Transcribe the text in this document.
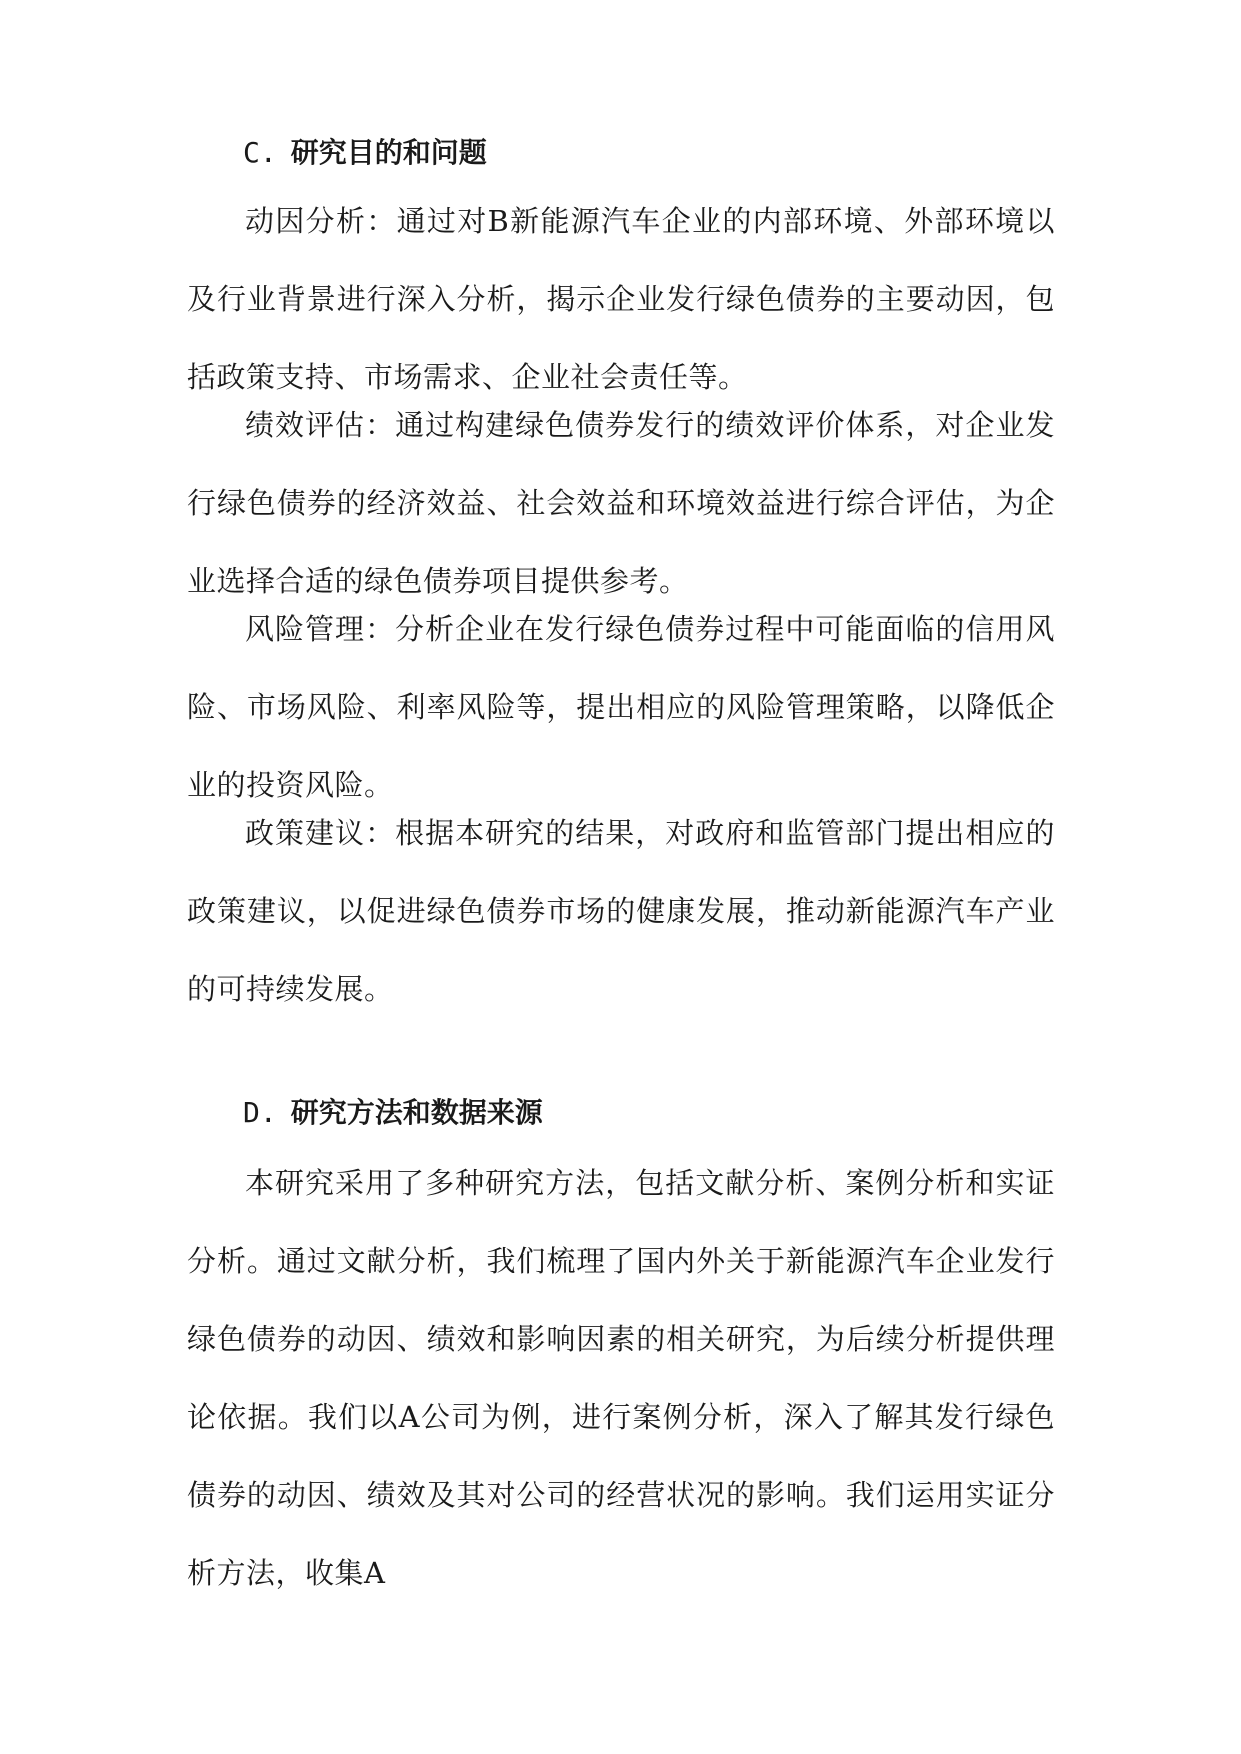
C. 研究目的和问题

动因分析：通过对B新能源汽车企业的内部环境、外部环境以及行业背景进行深入分析，揭示企业发行绿色债券的主要动因，包括政策支持、市场需求、企业社会责任等。

绩效评估：通过构建绿色债券发行的绩效评价体系，对企业发行绿色债券的经济效益、社会效益和环境效益进行综合评估，为企业选择合适的绿色债券项目提供参考。

风险管理：分析企业在发行绿色债券过程中可能面临的信用风险、市场风险、利率风险等，提出相应的风险管理策略，以降低企业的投资风险。

政策建议：根据本研究的结果，对政府和监管部门提出相应的政策建议，以促进绿色债券市场的健康发展，推动新能源汽车产业的可持续发展。

D. 研究方法和数据来源

本研究采用了多种研究方法，包括文献分析、案例分析和实证分析。通过文献分析，我们梳理了国内外关于新能源汽车企业发行绿色债券的动因、绩效和影响因素的相关研究，为后续分析提供理论依据。我们以A公司为例，进行案例分析，深入了解其发行绿色债券的动因、绩效及其对公司的经营状况的影响。我们运用实证分析方法，收集A
